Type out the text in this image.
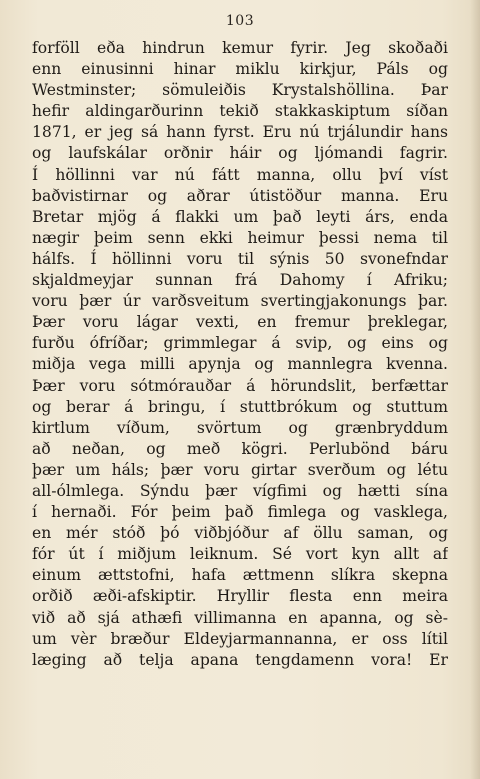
103
forföll eða hindrun kemur fyrir. Jeg skoðaði
enn einusinni hinar miklu kirkjur, Páls og
Westminster; sömuleiðis Krystalshöllina. Þar
hefir aldingarðurinn tekið stakkaskiptum síðan
1871, er jeg sá hann fyrst. Eru nú trjálundir hans
og laufskálar orðnir háir og ljómandi fagrir.
Í höllinni var nú fátt manna, ollu því víst
baðvistirnar og aðrar útistöður manna. Eru
Bretar mjög á flakki um það leyti árs, enda
nægir þeim senn ekki heimur þessi nema til
hálfs. Í höllinni voru til sýnis 50 svonefndar
skjaldmeyjar sunnan frá Dahomy í Afriku;
voru þær úr varðsveitum svertingjakonungs þar.
Þær voru lágar vexti, en fremur þreklegar,
furðu ófríðar; grimmlegar á svip, og eins og
miðja vega milli apynja og mannlegra kvenna.
Þær voru sótmórauðar á hörundslit, berfættar
og berar á bringu, í stuttbrókum og stuttum
kirtlum víðum, svörtum og grænbryddum
að neðan, og með kögri. Perlubönd báru
þær um háls; þær voru girtar sverðum og létu
all-ólmlega. Sýndu þær vígfimi og hætti sína
í hernaði. Fór þeim það fimlega og vasklega,
en mér stóð þó viðbjóður af öllu saman, og
fór út í miðjum leiknum. Sé vort kyn allt af
einum ættstofni, hafa ættmenn slíkra skepna
orðið æði-afskiptir. Hryllir flesta enn meira
við að sjá athæfi villimanna en apanna, og sè-
um vèr bræður Eldeyjarmannanna, er oss lítil
læging að telja apana tengdamenn vora! Er
